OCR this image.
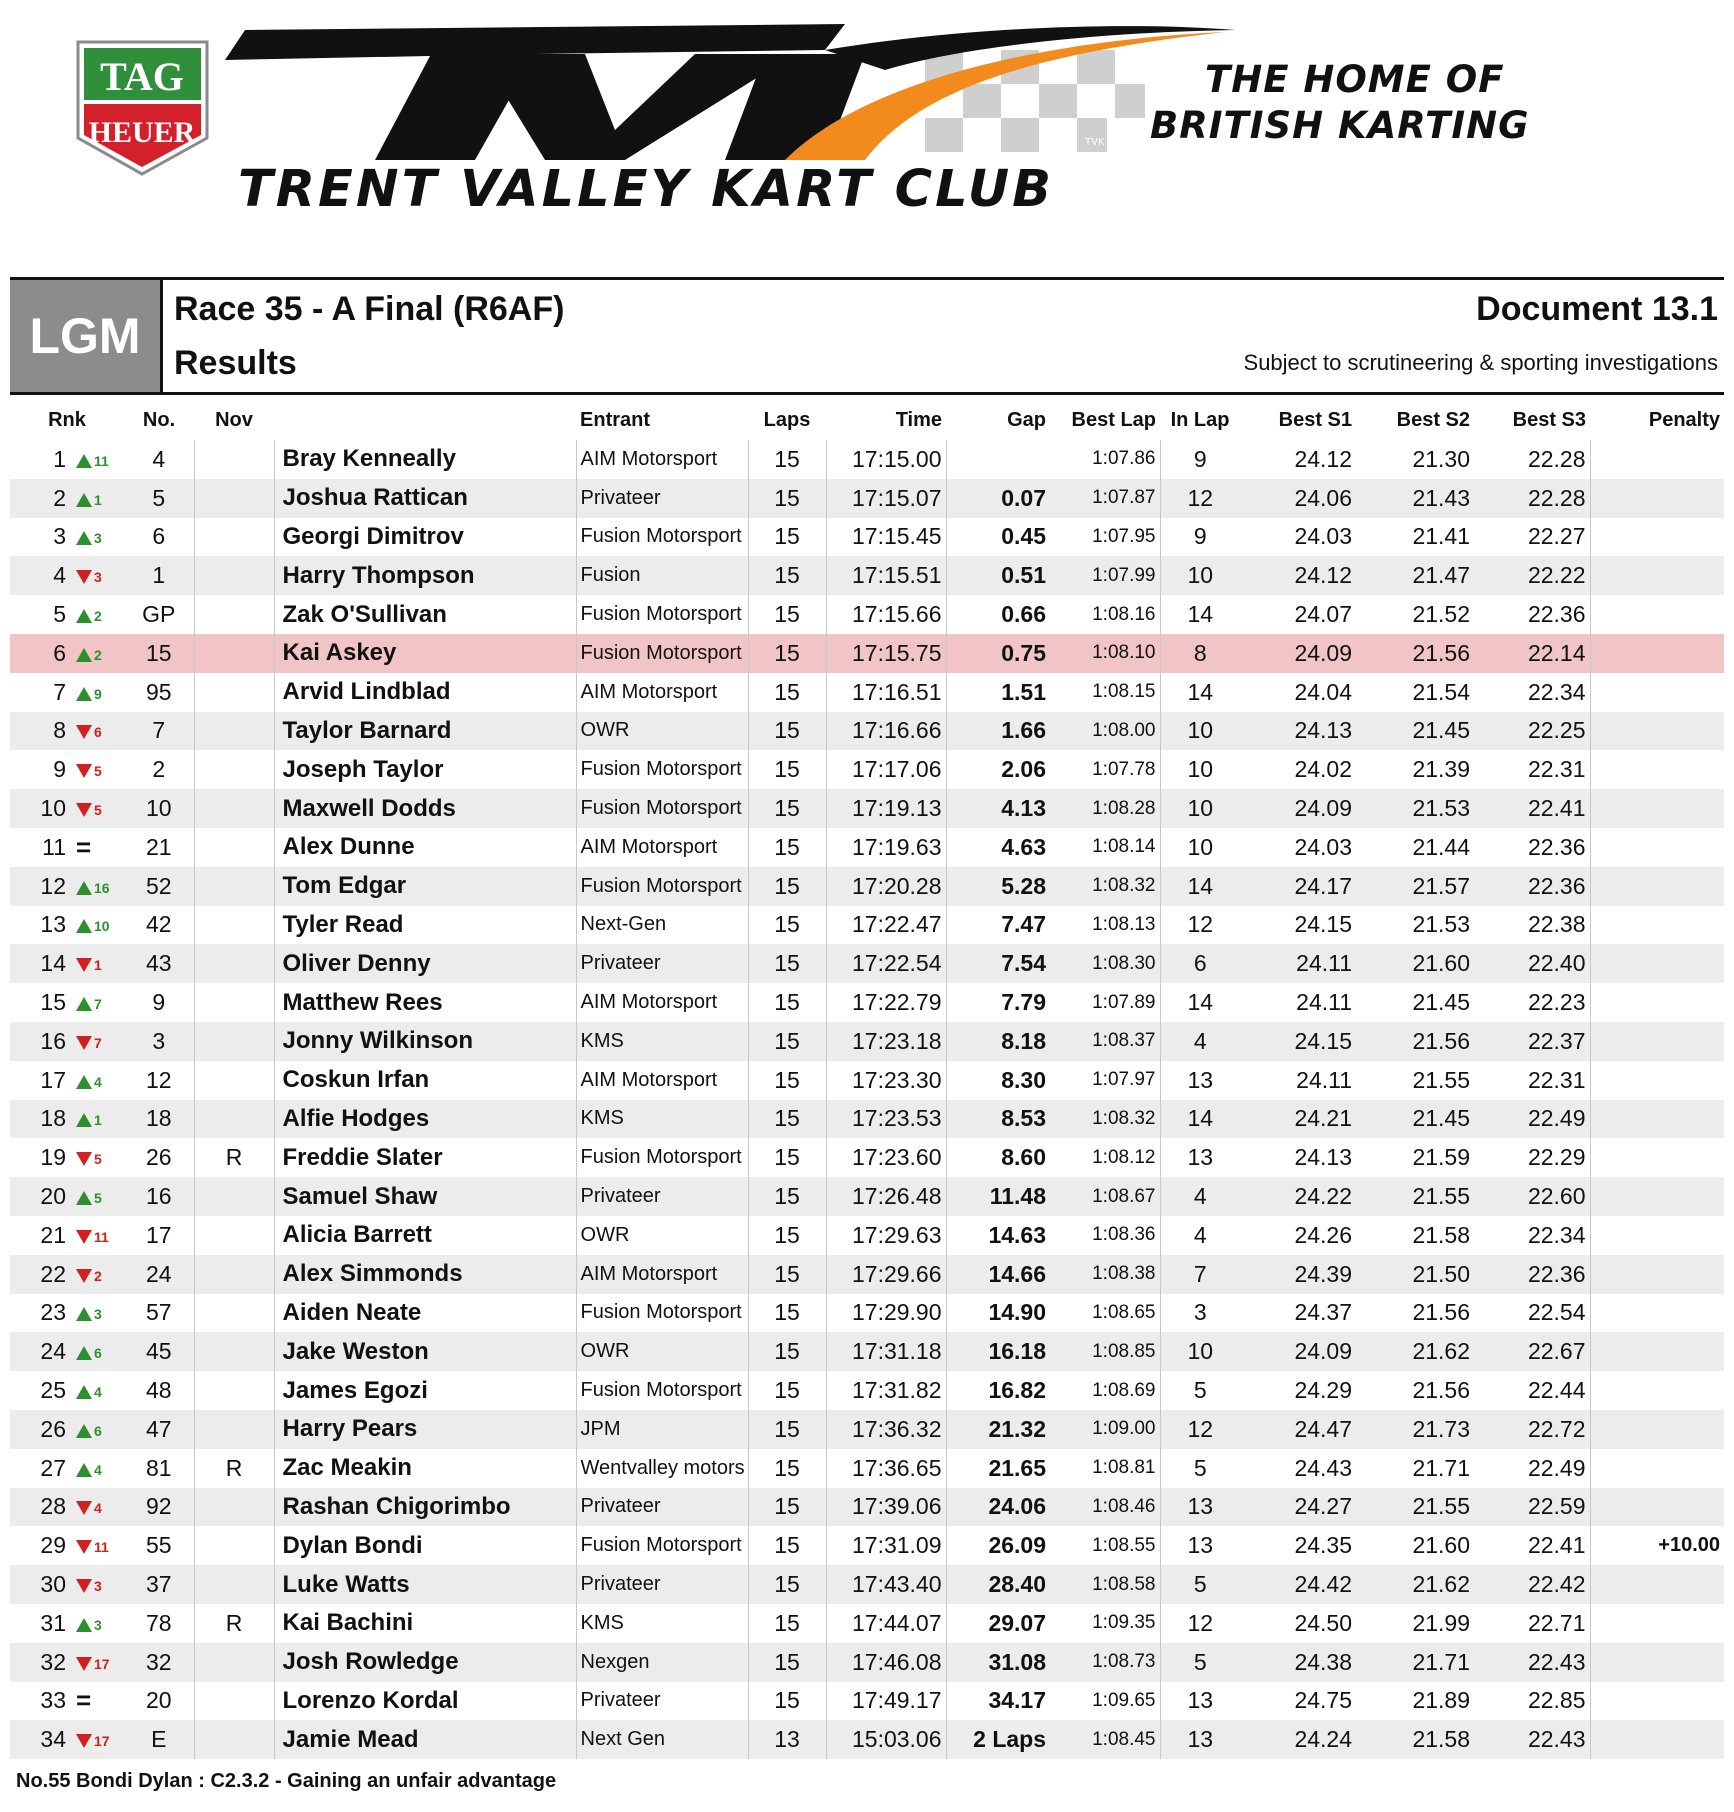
TAG
HEUER	TVK
THE HOME OF
BRITISH KARTING
TRENT VALLEY KART CLUB
LGM Race 35 - A Final (R6AF)
Results
Document 13.1
Subject to scrutineering & sporting investigations
Rnk		No.	Nov		Entrant	Laps	Time	Gap	Best Lap	In Lap	Best S1	Best S2	Best S3	Penalty
1	11	4		Bray Kenneally	AIM Motorsport	15	17:15.00		1:07.86	9	24.12	21.30	22.28	
2	1	5		Joshua Rattican	Privateer	15	17:15.07	0.07	1:07.87	12	24.06	21.43	22.28	
3	3	6		Georgi Dimitrov	Fusion Motorsport	15	17:15.45	0.45	1:07.95	9	24.03	21.41	22.27	
4	3	1		Harry Thompson	Fusion	15	17:15.51	0.51	1:07.99	10	24.12	21.47	22.22	
5	2	GP		Zak O'Sullivan	Fusion Motorsport	15	17:15.66	0.66	1:08.16	14	24.07	21.52	22.36	
6	2	15		Kai Askey	Fusion Motorsport	15	17:15.75	0.75	1:08.10	8	24.09	21.56	22.14	
7	9	95		Arvid Lindblad	AIM Motorsport	15	17:16.51	1.51	1:08.15	14	24.04	21.54	22.34	
8	6	7		Taylor Barnard	OWR	15	17:16.66	1.66	1:08.00	10	24.13	21.45	22.25	
9	5	2		Joseph Taylor	Fusion Motorsport	15	17:17.06	2.06	1:07.78	10	24.02	21.39	22.31	
10	5	10		Maxwell Dodds	Fusion Motorsport	15	17:19.13	4.13	1:08.28	10	24.09	21.53	22.41	
11	=	21		Alex Dunne	AIM Motorsport	15	17:19.63	4.63	1:08.14	10	24.03	21.44	22.36	
12	16	52		Tom Edgar	Fusion Motorsport	15	17:20.28	5.28	1:08.32	14	24.17	21.57	22.36	
13	10	42		Tyler Read	Next-Gen	15	17:22.47	7.47	1:08.13	12	24.15	21.53	22.38	
14	1	43		Oliver Denny	Privateer	15	17:22.54	7.54	1:08.30	6	24.11	21.60	22.40	
15	7	9		Matthew Rees	AIM Motorsport	15	17:22.79	7.79	1:07.89	14	24.11	21.45	22.23	
16	7	3		Jonny Wilkinson	KMS	15	17:23.18	8.18	1:08.37	4	24.15	21.56	22.37	
17	4	12		Coskun Irfan	AIM Motorsport	15	17:23.30	8.30	1:07.97	13	24.11	21.55	22.31	
18	1	18		Alfie Hodges	KMS	15	17:23.53	8.53	1:08.32	14	24.21	21.45	22.49	
19	5	26	R	Freddie Slater	Fusion Motorsport	15	17:23.60	8.60	1:08.12	13	24.13	21.59	22.29	
20	5	16		Samuel Shaw	Privateer	15	17:26.48	11.48	1:08.67	4	24.22	21.55	22.60	
21	11	17		Alicia Barrett	OWR	15	17:29.63	14.63	1:08.36	4	24.26	21.58	22.34	
22	2	24		Alex Simmonds	AIM Motorsport	15	17:29.66	14.66	1:08.38	7	24.39	21.50	22.36	
23	3	57		Aiden Neate	Fusion Motorsport	15	17:29.90	14.90	1:08.65	3	24.37	21.56	22.54	
24	6	45		Jake Weston	OWR	15	17:31.18	16.18	1:08.85	10	24.09	21.62	22.67	
25	4	48		James Egozi	Fusion Motorsport	15	17:31.82	16.82	1:08.69	5	24.29	21.56	22.44	
26	6	47		Harry Pears	JPM	15	17:36.32	21.32	1:09.00	12	24.47	21.73	22.72	
27	4	81	R	Zac Meakin	Wentvalley motors	15	17:36.65	21.65	1:08.81	5	24.43	21.71	22.49	
28	4	92		Rashan Chigorimbo	Privateer	15	17:39.06	24.06	1:08.46	13	24.27	21.55	22.59	
29	11	55		Dylan Bondi	Fusion Motorsport	15	17:31.09	26.09	1:08.55	13	24.35	21.60	22.41	+10.00
30	3	37		Luke Watts	Privateer	15	17:43.40	28.40	1:08.58	5	24.42	21.62	22.42	
31	3	78	R	Kai Bachini	KMS	15	17:44.07	29.07	1:09.35	12	24.50	21.99	22.71	
32	17	32		Josh Rowledge	Nexgen	15	17:46.08	31.08	1:08.73	5	24.38	21.71	22.43	
33	=	20		Lorenzo Kordal	Privateer	15	17:49.17	34.17	1:09.65	13	24.75	21.89	22.85	
34	17	E		Jamie Mead	Next Gen	13	15:03.06	2 Laps	1:08.45	13	24.24	21.58	22.43	
No.55 Bondi Dylan : C2.3.2 - Gaining an unfair advantage
